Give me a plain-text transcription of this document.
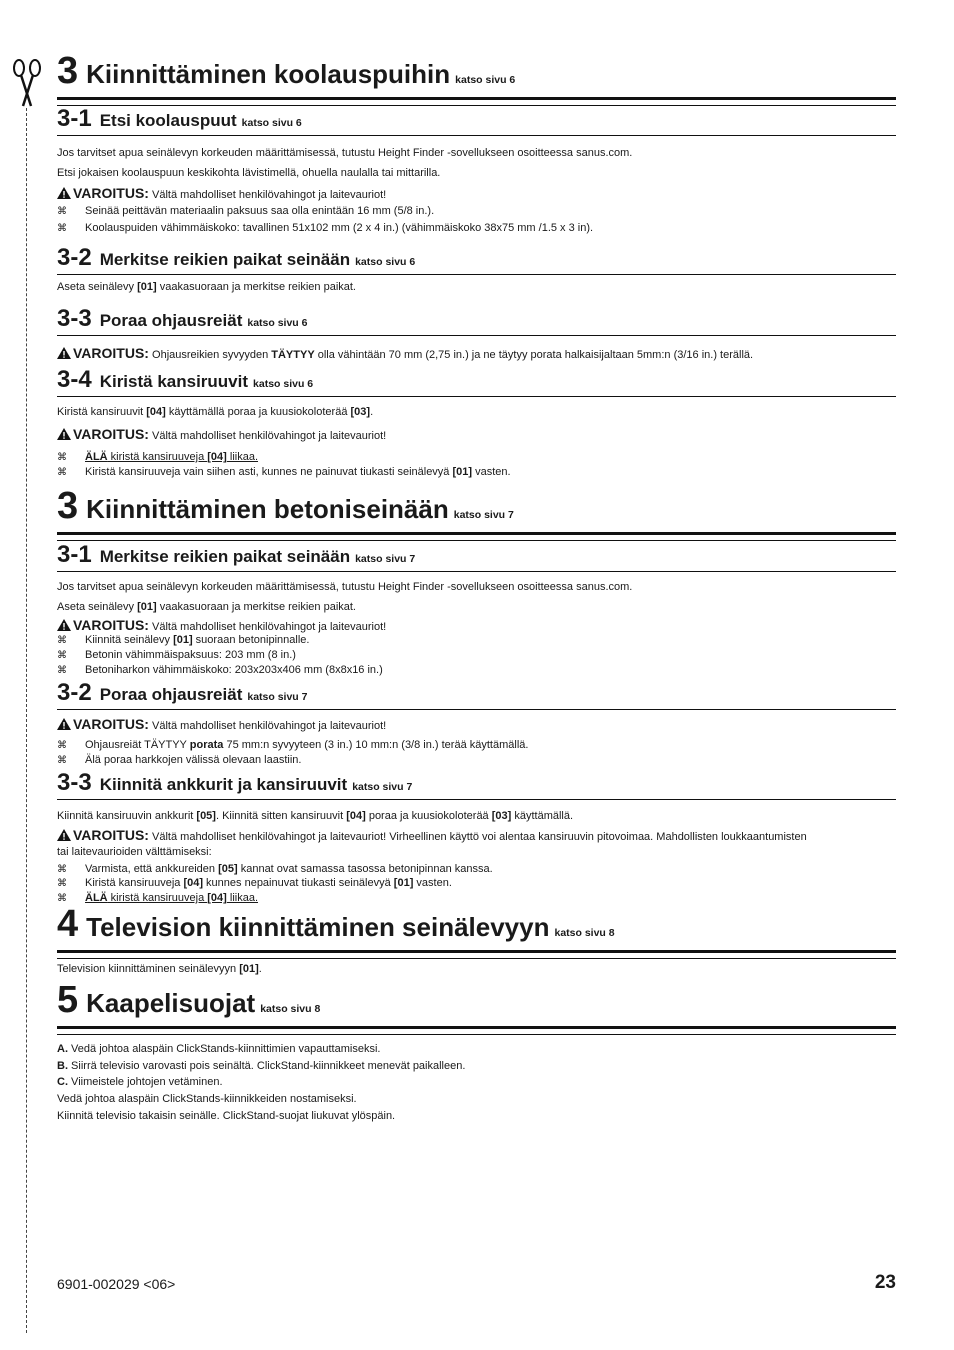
3 Kiinnittäminen koolauspuihin katso sivu 6
3-1 Etsi koolauspuut katso sivu 6
Jos tarvitset apua seinälevyn korkeuden määrittämisessä, tutustu Height Finder -sovellukseen osoitteessa sanus.com.
Etsi jokaisen koolauspuun keskikohta lävistimellä, ohuella naulalla tai mittarilla.
VAROITUS: Vältä mahdolliset henkilövahingot ja laitevauriot!
⌘ Seinää peittävän materiaalin paksuus saa olla enintään 16 mm (5/8 in.).
⌘ Koolauspuiden vähimmäiskoko: tavallinen 51x102 mm (2 x 4 in.) (vähimmäiskoko 38x75 mm /1.5 x 3 in).
3-2 Merkitse reikien paikat seinään katso sivu 6
Aseta seinälevy [01] vaakasuoraan ja merkitse reikien paikat.
3-3 Poraa ohjausreiät katso sivu 6
VAROITUS: Ohjausreikien syvyyden TÄYTYY olla vähintään 70 mm (2,75 in.) ja ne täytyy porata halkaisijaltaan 5mm:n (3/16 in.) terällä.
3-4 Kiristä kansiruuvit katso sivu 6
Kiristä kansiruuvit [04] käyttämällä poraa ja kuusiokoloterää [03].
VAROITUS: Vältä mahdolliset henkilövahingot ja laitevauriot!
⌘ ÄLÄ kiristä kansiruuveja [04] liikaa.
⌘ Kiristä kansiruuveja vain siihen asti, kunnes ne painuvat tiukasti seinälevyä [01] vasten.
3 Kiinnittäminen betoniseinään katso sivu 7
3-1 Merkitse reikien paikat seinään katso sivu 7
Jos tarvitset apua seinälevyn korkeuden määrittämisessä, tutustu Height Finder -sovellukseen osoitteessa sanus.com.
Aseta seinälevy [01] vaakasuoraan ja merkitse reikien paikat.
VAROITUS: Vältä mahdolliset henkilövahingot ja laitevauriot!
⌘ Kiinnitä seinälevy [01] suoraan betonipinnalle.
⌘ Betonin vähimmäispaksuus: 203 mm (8 in.)
⌘ Betoniharkon vähimmäiskoko: 203x203x406 mm (8x8x16 in.)
3-2 Poraa ohjausreiät katso sivu 7
VAROITUS: Vältä mahdolliset henkilövahingot ja laitevauriot!
⌘ Ohjausreiät TÄYTYY porata 75 mm:n syvyyteen (3 in.) 10 mm:n (3/8 in.) terää käyttämällä.
⌘ Älä poraa harkkojen välissä olevaan laastiin.
3-3 Kiinnitä ankkurit ja kansiruuvit katso sivu 7
Kiinnitä kansiruuvin ankkurit [05]. Kiinnitä sitten kansiruuvit [04] poraa ja kuusiokoloterää [03] käyttämällä.
VAROITUS: Vältä mahdolliset henkilövahingot ja laitevauriot! Virheellinen käyttö voi alentaa kansiruuvin pitovoimaa. Mahdollisten loukkaantumisten
tai laitevaurioiden välttämiseksi:
⌘ Varmista, että ankkureiden [05] kannat ovat samassa tasossa betonipinnan kanssa.
⌘ Kiristä kansiruuveja [04] kunnes nepainuvat tiukasti seinälevyä [01] vasten.
⌘ ÄLÄ kiristä kansiruuveja [04] liikaa.
4 Television kiinnittäminen seinälevyyn katso sivu 8
Television kiinnittäminen seinälevyyn [01].
5 Kaapelisuojat katso sivu 8
A. Vedä johtoa alaspäin ClickStands-kiinnittimien vapauttamiseksi.
B. Siirrä televisio varovasti pois seinältä. ClickStand-kiinnikkeet menevät paikalleen.
C. Viimeistele johtojen vetäminen.
Vedä johtoa alaspäin ClickStands-kiinnikkeiden nostamiseksi.
Kiinnitä televisio takaisin seinälle. ClickStand-suojat liukuvat ylöspäin.
6901-002029 <06>	23
